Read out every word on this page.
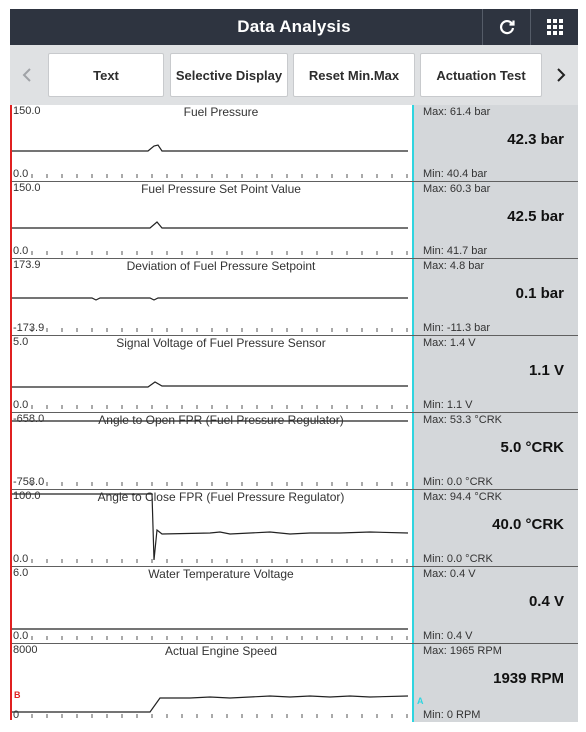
Data Analysis
Text	Selective Display	Reset Min.Max	Actuation Test
150.0	Fuel Pressure
0.0
Max: 61.4 bar
42.3 bar
Min: 40.4 bar
150.0	Fuel Pressure Set Point Value
0.0
Max: 60.3 bar
42.5 bar
Min: 41.7 bar
173.9	Deviation of Fuel Pressure Setpoint
-173.9
Max: 4.8 bar
0.1 bar
Min: -11.3 bar
5.0	Signal Voltage of Fuel Pressure Sensor
0.0
Max: 1.4 V
1.1 V
Min: 1.1 V
-658.0	Angle to Open FPR (Fuel Pressure Regulator)
-758.0
Max: 53.3 °CRK
5.0 °CRK
Min: 0.0 °CRK
100.0	Angle to Close FPR (Fuel Pressure Regulator)
0.0
Max: 94.4 °CRK
40.0 °CRK
Min: 0.0 °CRK
6.0	Water Temperature Voltage
0.0
Max: 0.4 V
0.4 V
Min: 0.4 V
8000	Actual Engine Speed
0
B
A
Max: 1965 RPM
1939 RPM
Min: 0 RPM
